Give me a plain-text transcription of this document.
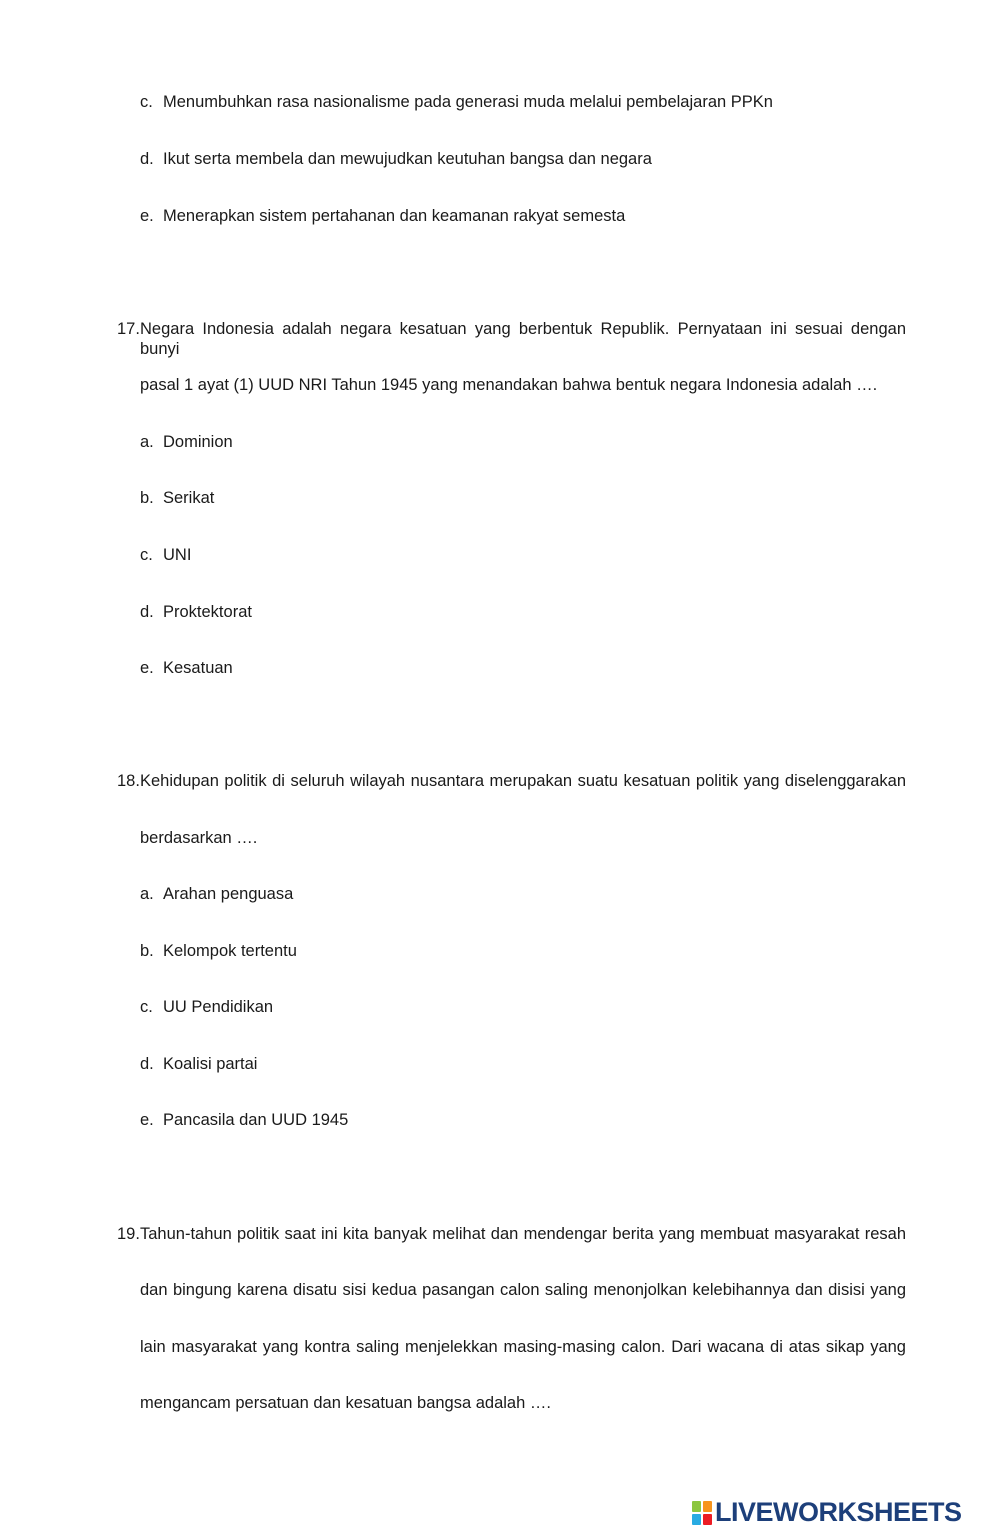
c. Menumbuhkan rasa nasionalisme pada generasi muda melalui pembelajaran PPKn
d. Ikut serta membela dan mewujudkan keutuhan bangsa dan negara
e. Menerapkan sistem pertahanan dan keamanan rakyat semesta
17. Negara Indonesia adalah negara kesatuan yang berbentuk Republik. Pernyataan ini sesuai dengan bunyi
pasal 1 ayat (1) UUD NRI Tahun 1945 yang menandakan bahwa bentuk negara Indonesia adalah ….
a. Dominion
b. Serikat
c. UNI
d. Proktektorat
e. Kesatuan
18. Kehidupan politik di seluruh wilayah nusantara merupakan suatu kesatuan politik yang diselenggarakan
berdasarkan ….
a. Arahan penguasa
b. Kelompok tertentu
c. UU Pendidikan
d. Koalisi partai
e. Pancasila dan UUD 1945
19. Tahun-tahun politik saat ini kita banyak melihat dan mendengar berita yang membuat masyarakat resah
dan bingung karena disatu sisi kedua pasangan calon saling menonjolkan kelebihannya dan disisi yang
lain masyarakat yang kontra saling menjelekkan masing-masing calon. Dari wacana di atas sikap yang
mengancam persatuan dan kesatuan bangsa adalah ….
LIVEWORKSHEETS
